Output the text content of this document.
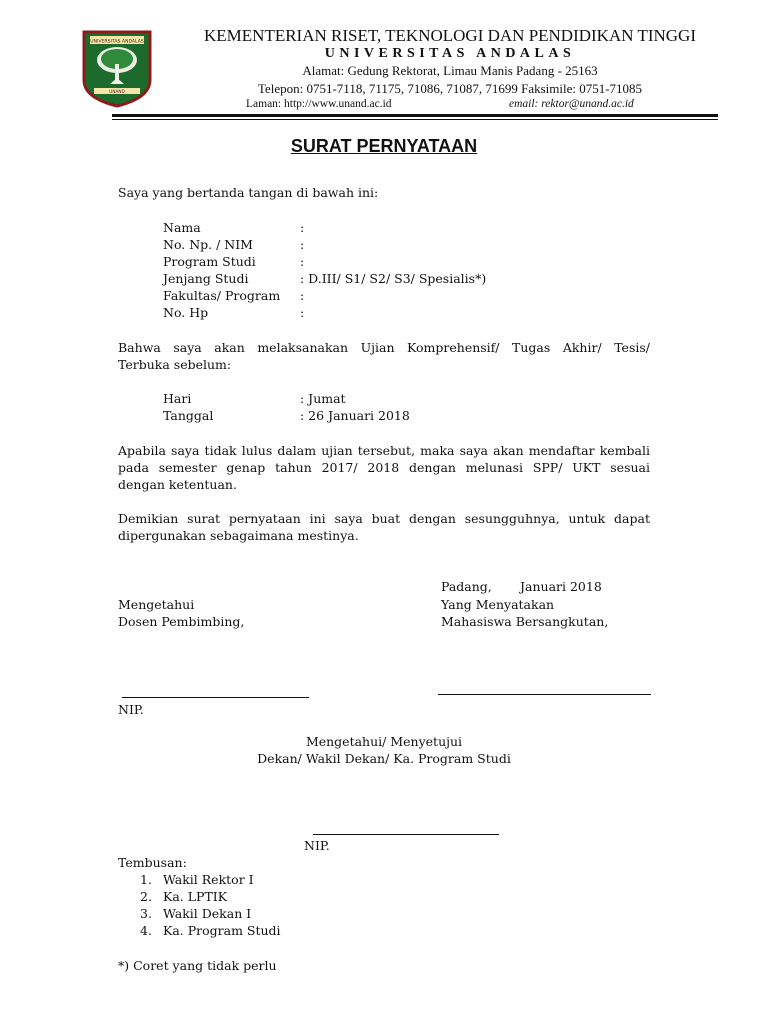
UNIVERSITAS ANDALAS
UNAND
KEMENTERIAN RISET, TEKNOLOGI DAN PENDIDIKAN TINGGI
UNIVERSITAS ANDALAS
Alamat: Gedung Rektorat, Limau Manis Padang - 25163
Telepon: 0751-7118, 71175, 71086, 71087, 71699 Faksimile: 0751-71085
Laman: http://www.unand.ac.id	email: rektor@unand.ac.id
SURAT PERNYATAAN
Saya yang bertanda tangan di bawah ini:
Nama	:
No. Np. / NIM	:
Program Studi	:
Jenjang Studi	: D.III/ S1/ S2/ S3/ Spesialis*)
Fakultas/ Program :
No. Hp	:
Bahwa saya akan melaksanakan Ujian Komprehensif/ Tugas Akhir/ Tesis/
Terbuka sebelum:
Hari	: Jumat
Tanggal	: 26 Januari 2018
Apabila saya tidak lulus dalam ujian tersebut, maka saya akan mendaftar kembali
pada semester genap tahun 2017/ 2018 dengan melunasi SPP/ UKT sesuai
dengan ketentuan.
Demikian surat pernyataan ini saya buat dengan sesungguhnya, untuk dapat
dipergunakan sebagaimana mestinya.
Padang, Januari 2018
Mengetahui	Yang Menyatakan
Dosen Pembimbing,	Mahasiswa Bersangkutan,
NIP.
Mengetahui/ Menyetujui
Dekan/ Wakil Dekan/ Ka. Program Studi
NIP.
Tembusan:
1. Wakil Rektor I
2. Ka. LPTIK
3. Wakil Dekan I
4. Ka. Program Studi
*) Coret yang tidak perlu
